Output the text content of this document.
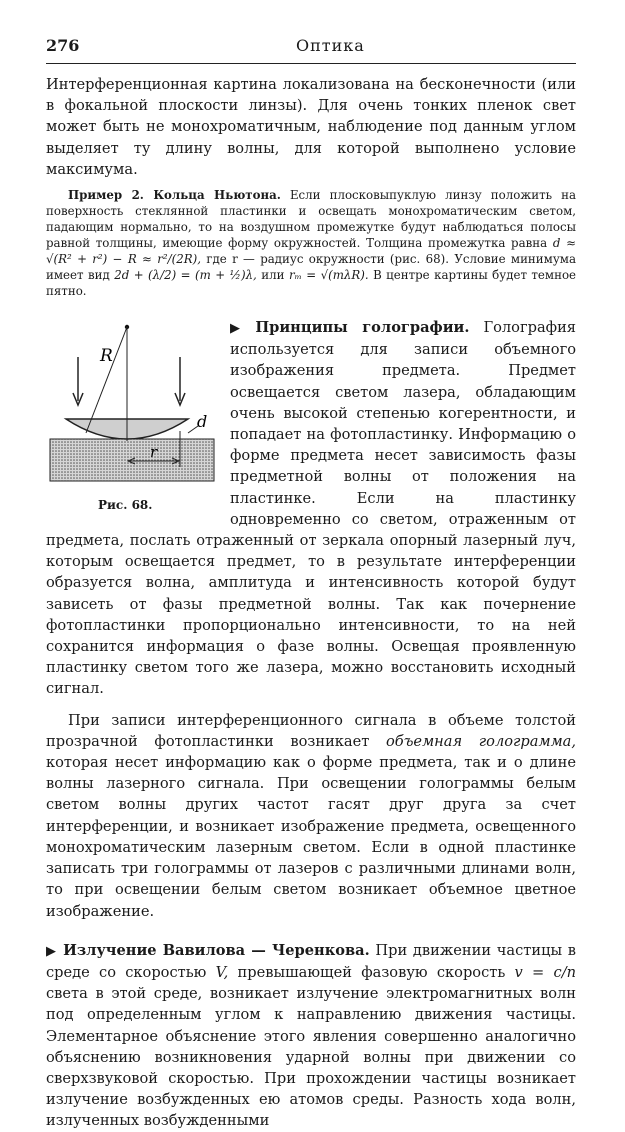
276	Оптика

Интерференционная картина локализована на бесконечности (или в фокальной плоскости линзы). Для очень тонких пленок свет может быть не монохроматичным, наблюдение под данным углом выделяет ту длину волны, для которой выполнено условие максимума.

Пример 2. Кольца Ньютона. Если плосковыпуклую линзу положить на поверхность стеклянной пластинки и освещать монохроматическим светом, падающим нормально, то на воздушном промежутке будут наблюдаться полосы равной толщины, имеющие форму окружностей. Толщина промежутка равна d ≈ √(R² + r²) − R ≈ r²/(2R), где r — радиус окружности (рис. 68). Условие минимума имеет вид 2d + (λ/2) = (m + ½)λ, или rₘ = √(mλR). В центре картины будет темное пятно.

R
d
r
Рис. 68.

▶ Принципы голографии. Голография используется для записи объемного изображения предмета. Предмет освещается светом лазера, обладающим очень высокой степенью когерентности, и попадает на фотопластинку. Информацию о форме предмета несет зависимость фазы предметной волны от положения на пластинке. Если на пластинку одновременно со светом, отраженным от предмета, послать отраженный от зеркала опорный лазерный луч, которым освещается предмет, то в результате интерференции образуется волна, амплитуда и интенсивность которой будут зависеть от фазы предметной волны. Так как почернение фотопластинки пропорционально интенсивности, то на ней сохранится информация о фазе волны. Освещая проявленную пластинку светом того же лазера, можно восстановить исходный сигнал.

При записи интерференционного сигнала в объеме толстой прозрачной фотопластинки возникает объемная голограмма, которая несет информацию как о форме предмета, так и о длине волны лазерного сигнала. При освещении голограммы белым светом волны других частот гасят друг друга за счет интерференции, и возникает изображение предмета, освещенного монохроматическим лазерным светом. Если в одной пластинке записать три голограммы от лазеров с различными длинами волн, то при освещении белым светом возникает объемное цветное изображение.

▶ Излучение Вавилова — Черенкова. При движении частицы в среде со скоростью V, превышающей фазовую скорость v = c/n света в этой среде, возникает излучение электромагнитных волн под определенным углом к направлению движения частицы. Элементарное объяснение этого явления совершенно аналогично объяснению возникновения ударной волны при движении со сверхзвуковой скоростью. При прохождении частицы возникает излучение возбужденных ею атомов среды. Разность хода волн, излученных возбужденными
